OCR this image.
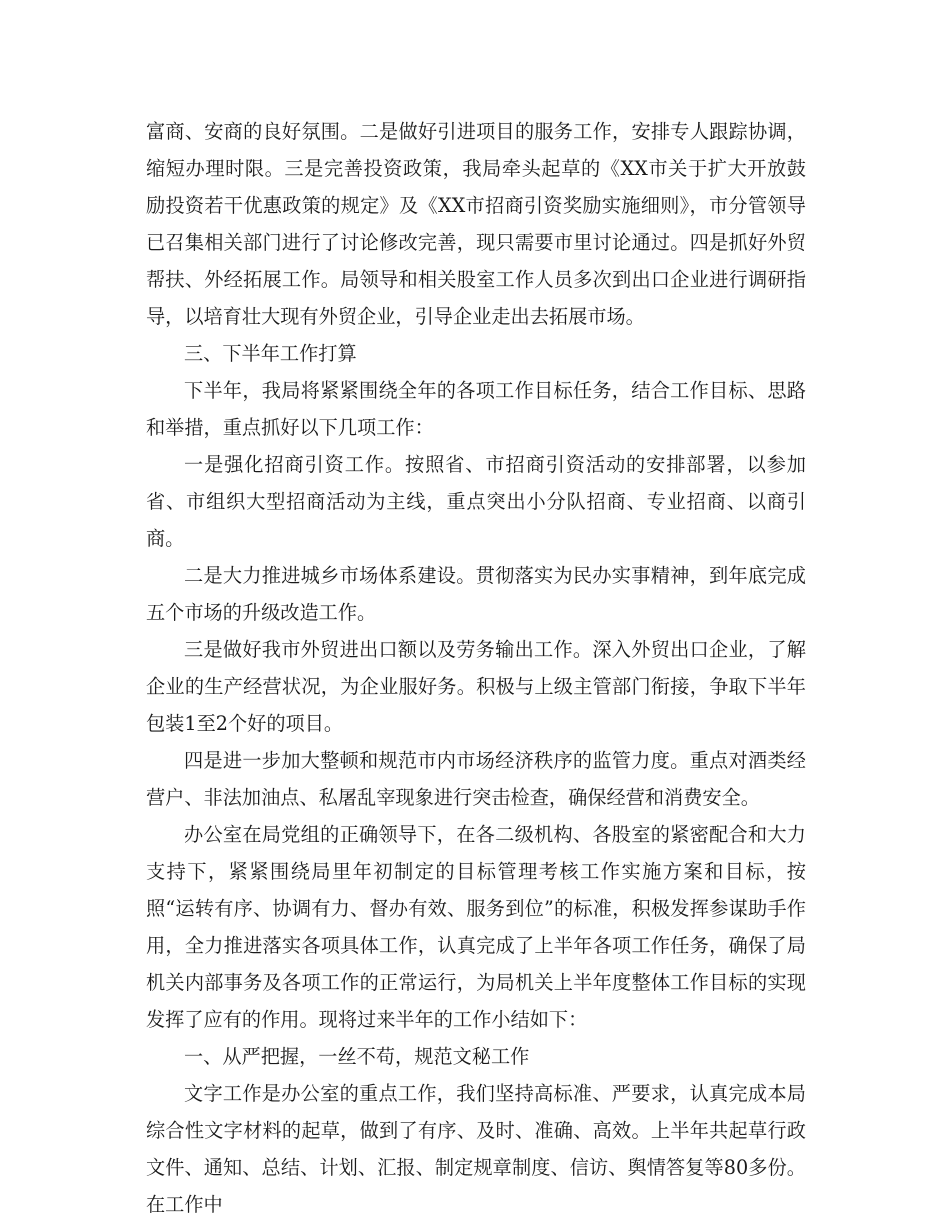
富商、安商的良好氛围。二是做好引进项目的服务工作，安排专人跟踪协调，缩短办理时限。三是完善投资政策，我局牵头起草的《XX市关于扩大开放鼓励投资若干优惠政策的规定》及《XX市招商引资奖励实施细则》，市分管领导已召集相关部门进行了讨论修改完善，现只需要市里讨论通过。四是抓好外贸帮扶、外经拓展工作。局领导和相关股室工作人员多次到出口企业进行调研指导，以培育壮大现有外贸企业，引导企业走出去拓展市场。

三、下半年工作打算

下半年，我局将紧紧围绕全年的各项工作目标任务，结合工作目标、思路和举措，重点抓好以下几项工作：

一是强化招商引资工作。按照省、市招商引资活动的安排部署，以参加省、市组织大型招商活动为主线，重点突出小分队招商、专业招商、以商引商。

二是大力推进城乡市场体系建设。贯彻落实为民办实事精神，到年底完成五个市场的升级改造工作。

三是做好我市外贸进出口额以及劳务输出工作。深入外贸出口企业，了解企业的生产经营状况，为企业服好务。积极与上级主管部门衔接，争取下半年包装1至2个好的项目。

四是进一步加大整顿和规范市内市场经济秩序的监管力度。重点对酒类经营户、非法加油点、私屠乱宰现象进行突击检查，确保经营和消费安全。

办公室在局党组的正确领导下，在各二级机构、各股室的紧密配合和大力支持下，紧紧围绕局里年初制定的目标管理考核工作实施方案和目标，按照“运转有序、协调有力、督办有效、服务到位”的标准，积极发挥参谋助手作用，全力推进落实各项具体工作，认真完成了上半年各项工作任务，确保了局机关内部事务及各项工作的正常运行，为局机关上半年度整体工作目标的实现发挥了应有的作用。现将过来半年的工作小结如下：

一、从严把握，一丝不苟，规范文秘工作

文字工作是办公室的重点工作，我们坚持高标准、严要求，认真完成本局综合性文字材料的起草，做到了有序、及时、准确、高效。上半年共起草行政文件、通知、总结、计划、汇报、制定规章制度、信访、舆情答复等80多份。在工作中
